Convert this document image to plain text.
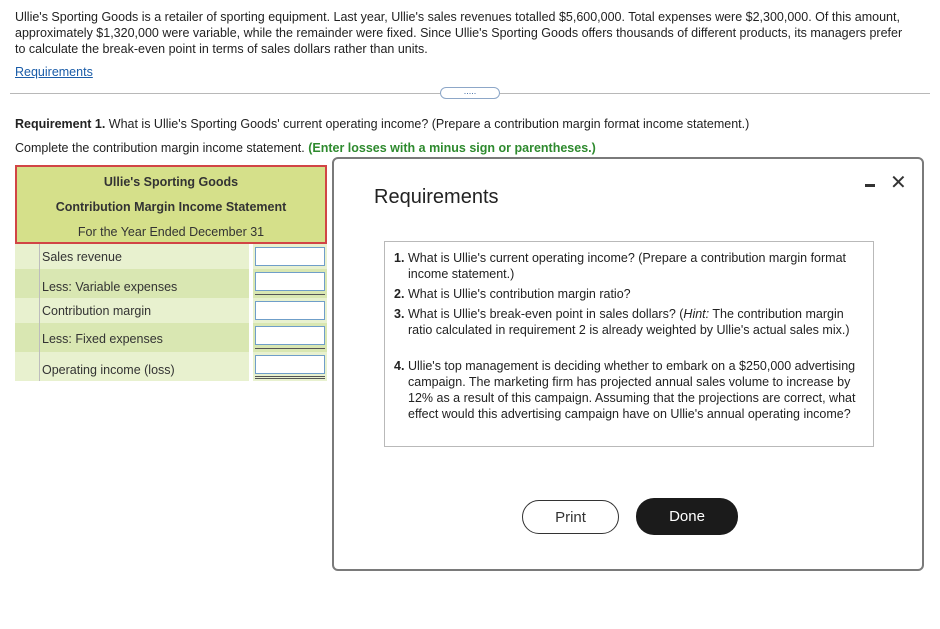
Ullie's Sporting Goods is a retailer of sporting equipment. Last year, Ullie's sales revenues totalled $5,600,000. Total expenses were $2,300,000. Of this amount, approximately $1,320,000 were variable, while the remainder were fixed. Since Ullie's Sporting Goods offers thousands of different products, its managers prefer to calculate the break-even point in terms of sales dollars rather than units.
Requirements
.....
Requirement 1. What is Ullie's Sporting Goods' current operating income? (Prepare a contribution margin format income statement.)
Complete the contribution margin income statement. (Enter losses with a minus sign or parentheses.)
Ullie's Sporting Goods
Contribution Margin Income Statement
For the Year Ended December 31
Sales revenue
Less: Variable expenses
Contribution margin
Less: Fixed expenses
Operating income (loss)
Requirements
✕
1. What is Ullie's current operating income? (Prepare a contribution margin format income statement.)
2. What is Ullie's contribution margin ratio?
3. What is Ullie's break-even point in sales dollars? (Hint: The contribution margin ratio calculated in requirement 2 is already weighted by Ullie's actual sales mix.)
4. Ullie's top management is deciding whether to embark on a $250,000 advertising campaign. The marketing firm has projected annual sales volume to increase by 12% as a result of this campaign. Assuming that the projections are correct, what effect would this advertising campaign have on Ullie's annual operating income?
Print	Done
